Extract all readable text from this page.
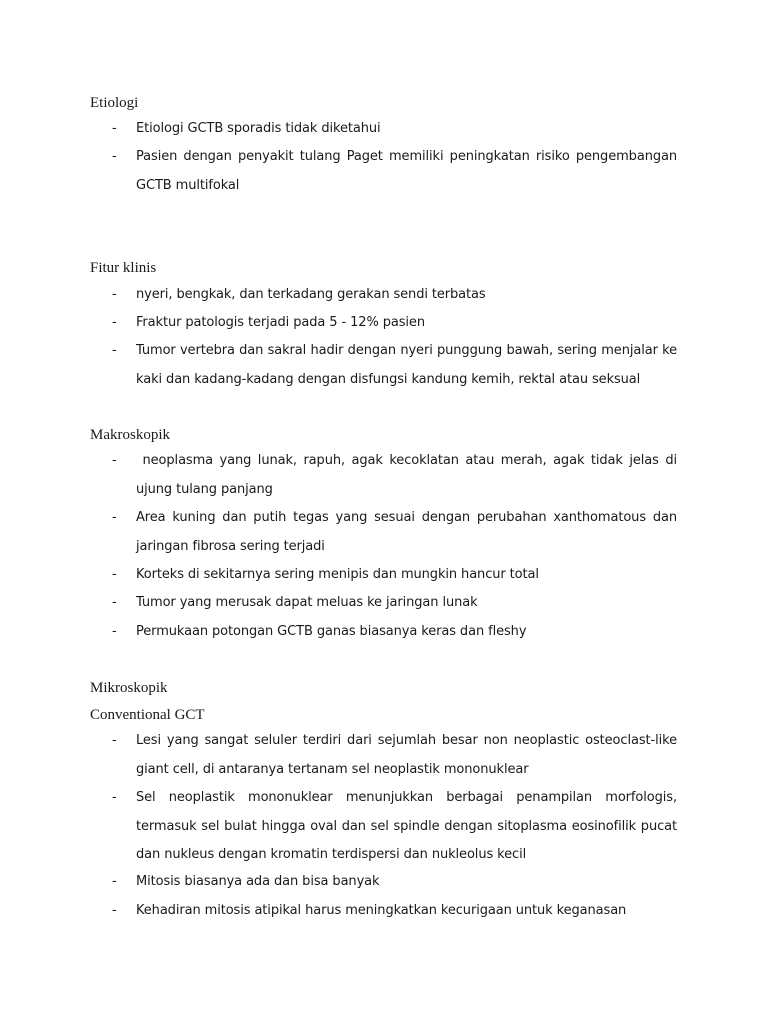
Etiologi
- Etiologi GCTB sporadis tidak diketahui
- Pasien dengan penyakit tulang Paget memiliki peningkatan risiko pengembangan GCTB multifokal
Fitur klinis
- nyeri, bengkak, dan terkadang gerakan sendi terbatas
- Fraktur patologis terjadi pada 5 - 12% pasien
- Tumor vertebra dan sakral hadir dengan nyeri punggung bawah, sering menjalar ke kaki dan kadang-kadang dengan disfungsi kandung kemih, rektal atau seksual
Makroskopik
- neoplasma yang lunak, rapuh, agak kecoklatan atau merah, agak tidak jelas di ujung tulang panjang
- Area kuning dan putih tegas yang sesuai dengan perubahan xanthomatous dan jaringan fibrosa sering terjadi
- Korteks di sekitarnya sering menipis dan mungkin hancur total
- Tumor yang merusak dapat meluas ke jaringan lunak
- Permukaan potongan GCTB ganas biasanya keras dan fleshy
Mikroskopik
Conventional GCT
- Lesi yang sangat seluler terdiri dari sejumlah besar non neoplastic osteoclast-like giant cell, di antaranya tertanam sel neoplastik mononuklear
- Sel neoplastik mononuklear menunjukkan berbagai penampilan morfologis, termasuk sel bulat hingga oval dan sel spindle dengan sitoplasma eosinofilik pucat dan nukleus dengan kromatin terdispersi dan nukleolus kecil
- Mitosis biasanya ada dan bisa banyak
- Kehadiran mitosis atipikal harus meningkatkan kecurigaan untuk keganasan
